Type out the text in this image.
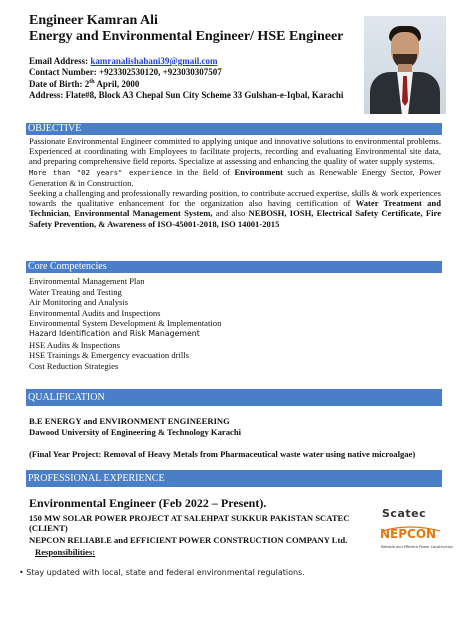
Engineer Kamran Ali
Energy and Environmental Engineer/ HSE Engineer
Email Address: kamranalishahani39@gmail.com
Contact Number: +923302530120, +923030307507
Date of Birth: 2th April, 2000
Address: Flate#8, Block A3 Chepal Sun City Scheme 33 Gulshan-e-Iqbal, Karachi
OBJECTIVE
Passionate Environmental Engineer committed to applying unique and innovative solutions to environmental problems. Experienced at coordinating with Employees to facilitate projects, recording and evaluating Environmental site data, and preparing comprehensive field reports. Specialize at assessing and enhancing the quality of water supply systems.
More than "02 years" experience in the field of Environment such as Renewable Energy Sector, Power Generation & in Construction.
Seeking a challenging and professionally rewarding position, to contribute accrued expertise, skills & work experiences towards the qualitative enhancement for the organization also having certification of Water Treatment and Technician, Environmental Management System, and also NEBOSH, IOSH, Electrical Safety Certificate, Fire Safety Prevention, & Awareness of ISO-45001-2018, ISO 14001-2015
Core Competencies
Environmental Management Plan
Water Treating and Testing
Air Monitoring and Analysis
Environmental Audits and Inspections
Environmental System Development & Implementation
Hazard Identification and Risk Management
HSE Audits & Inspections
HSE Trainings & Emergency evacuation drills
Cost Reduction Strategies
QUALIFICATION
B.E ENERGY and ENVIRONMENT ENGINEERING
Dawood University of Engineering & Technology Karachi
(Final Year Project: Removal of Heavy Metals from Pharmaceutical waste water using native microalgae)
PROFESSIONAL EXPERIENCE
Environmental Engineer (Feb 2022 – Present).
150 MW SOLAR POWER PROJECT AT SALEHPAT SUKKUR PAKISTAN SCATEC (CLIENT)
NEPCON RELIABLE and EFFICIENT POWER CONSTRUCTION COMPANY Ltd.
Responsibilities:
• Stay updated with local, state and federal environmental regulations.
Scatec
NEPCON
Reliable and Efficient Power Construction
